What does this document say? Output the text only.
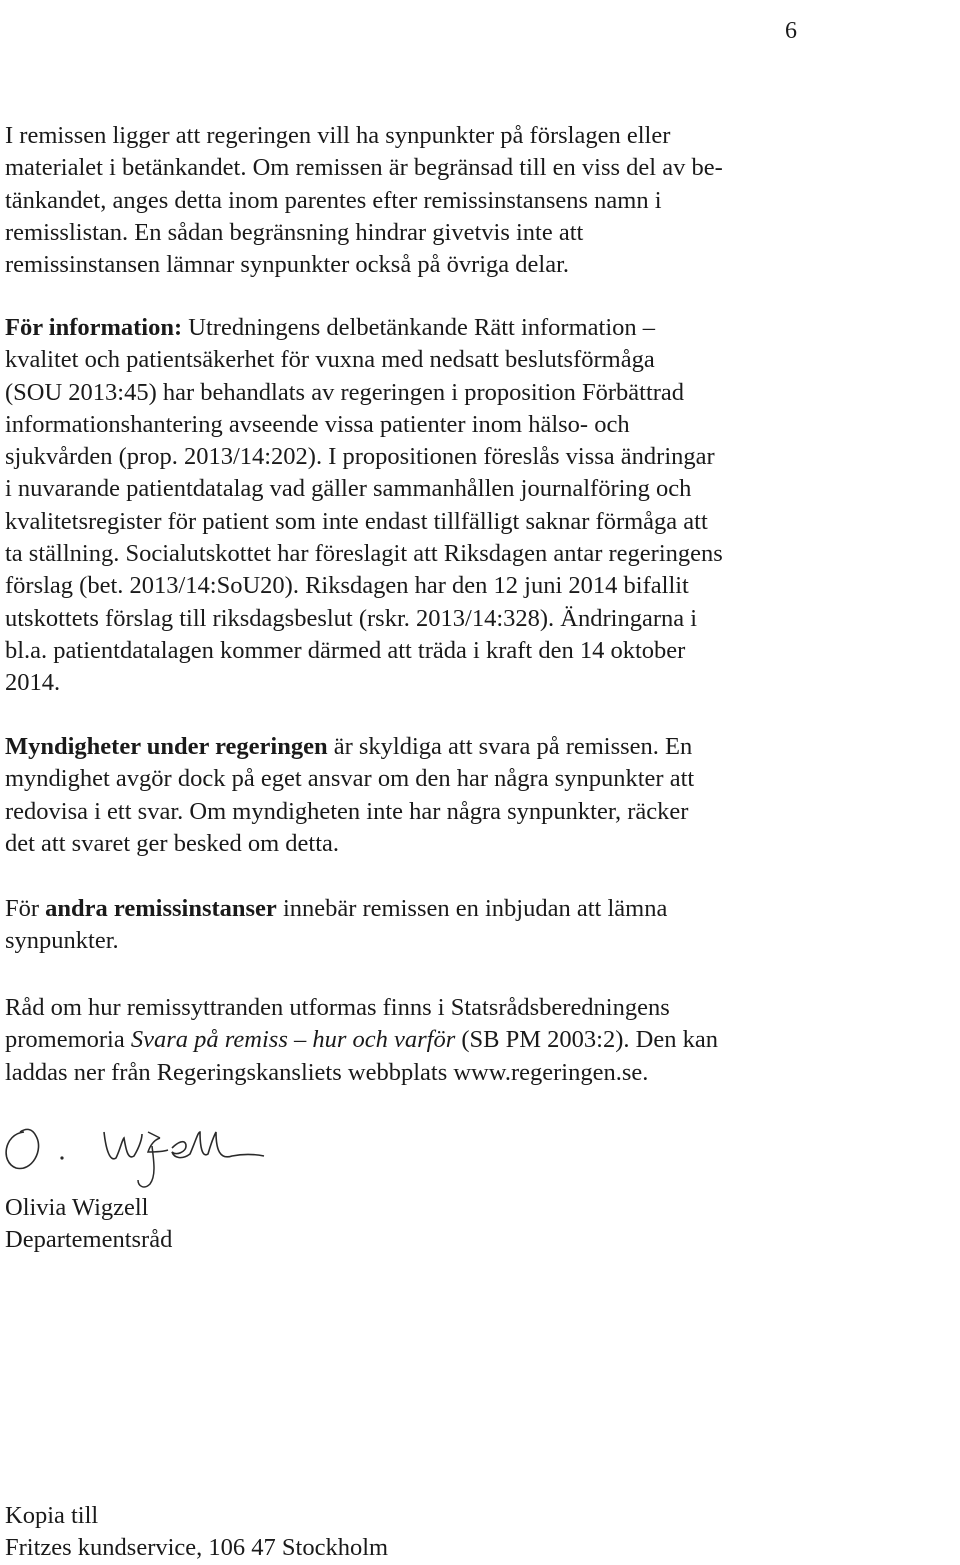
6
I remissen ligger att regeringen vill ha synpunkter på förslagen eller
materialet i betänkandet. Om remissen är begränsad till en viss del av be-
tänkandet, anges detta inom parentes efter remissinstansens namn i
remisslistan. En sådan begränsning hindrar givetvis inte att
remissinstansen lämnar synpunkter också på övriga delar.
För information: Utredningens delbetänkande Rätt information –
kvalitet och patientsäkerhet för vuxna med nedsatt beslutsförmåga
(SOU 2013:45) har behandlats av regeringen i proposition Förbättrad
informationshantering avseende vissa patienter inom hälso- och
sjukvården (prop. 2013/14:202). I propositionen föreslås vissa ändringar
i nuvarande patientdatalag vad gäller sammanhållen journalföring och
kvalitetsregister för patient som inte endast tillfälligt saknar förmåga att
ta ställning. Socialutskottet har föreslagit att Riksdagen antar regeringens
förslag (bet. 2013/14:SoU20). Riksdagen har den 12 juni 2014 bifallit
utskottets förslag till riksdagsbeslut (rskr. 2013/14:328). Ändringarna i
bl.a. patientdatalagen kommer därmed att träda i kraft den 14 oktober
2014.
Myndigheter under regeringen är skyldiga att svara på remissen. En
myndighet avgör dock på eget ansvar om den har några synpunkter att
redovisa i ett svar. Om myndigheten inte har några synpunkter, räcker
det att svaret ger besked om detta.
För andra remissinstanser innebär remissen en inbjudan att lämna
synpunkter.
Råd om hur remissyttranden utformas finns i Statsrådsberedningens
promemoria Svara på remiss – hur och varför (SB PM 2003:2). Den kan
laddas ner från Regeringskansliets webbplats www.regeringen.se.
Olivia Wigzell
Departementsråd
Kopia till
Fritzes kundservice, 106 47 Stockholm
